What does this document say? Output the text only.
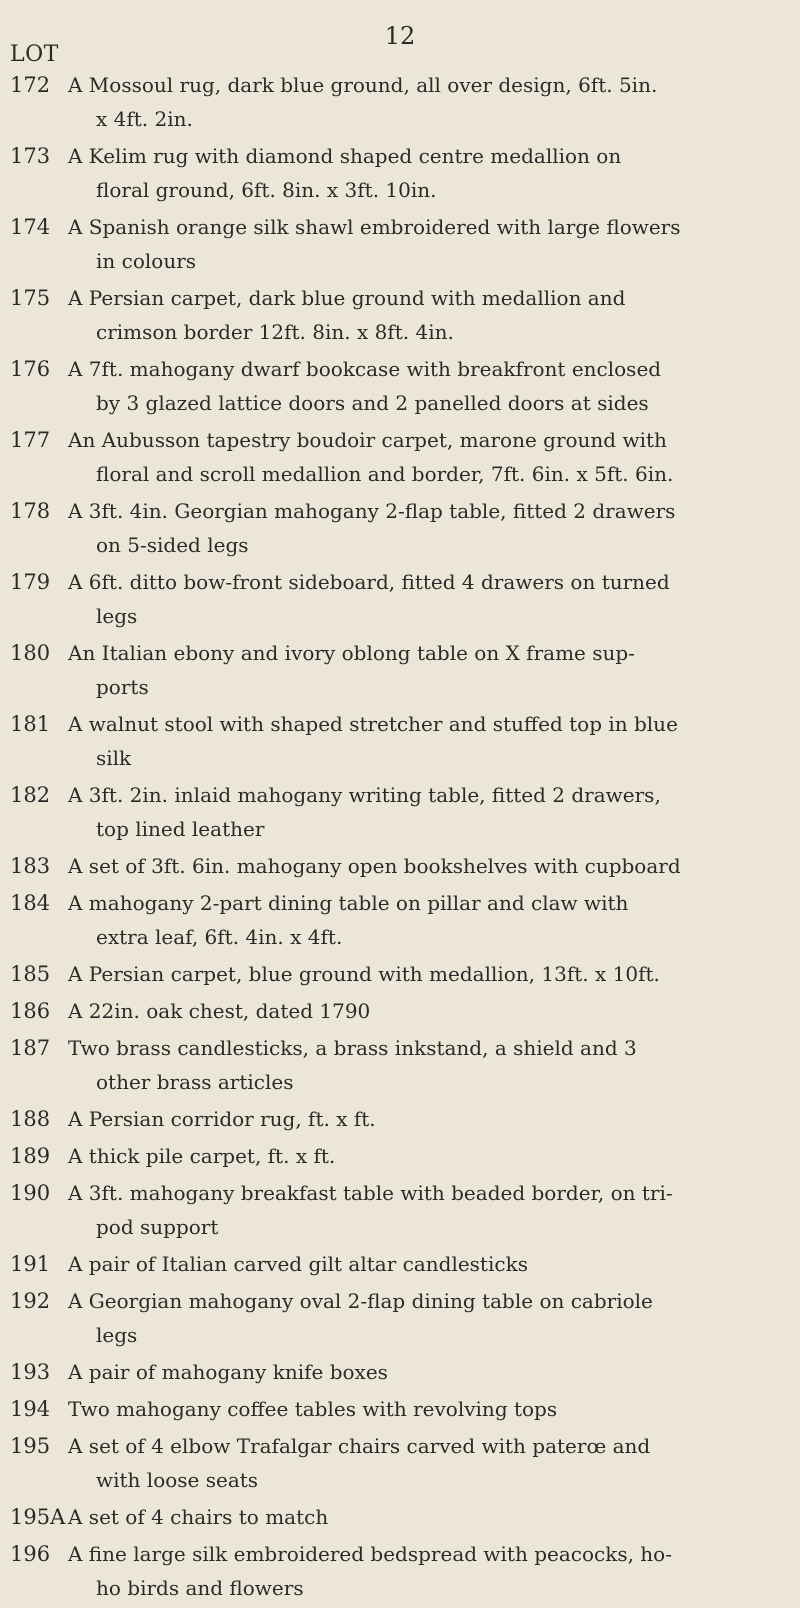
12
LOT
172 A Mossoul rug, dark blue ground, all over design, 6ft. 5in.
x 4ft. 2in.
173 A Kelim rug with diamond shaped centre medallion on
floral ground, 6ft. 8in. x 3ft. 10in.
174 A Spanish orange silk shawl embroidered with large flowers
in colours
175 A Persian carpet, dark blue ground with medallion and
crimson border 12ft. 8in. x 8ft. 4in.
176 A 7ft. mahogany dwarf bookcase with breakfront enclosed
by 3 glazed lattice doors and 2 panelled doors at sides
177 An Aubusson tapestry boudoir carpet, marone ground with
floral and scroll medallion and border, 7ft. 6in. x 5ft. 6in.
178 A 3ft. 4in. Georgian mahogany 2-flap table, fitted 2 drawers
on 5-sided legs
179 A 6ft. ditto bow-front sideboard, fitted 4 drawers on turned
legs
180 An Italian ebony and ivory oblong table on X frame sup-
ports
181 A walnut stool with shaped stretcher and stuffed top in blue
silk
182 A 3ft. 2in. inlaid mahogany writing table, fitted 2 drawers,
top lined leather
183 A set of 3ft. 6in. mahogany open bookshelves with cupboard
184 A mahogany 2-part dining table on pillar and claw with
extra leaf, 6ft. 4in. x 4ft.
185 A Persian carpet, blue ground with medallion, 13ft. x 10ft.
186 A 22in. oak chest, dated 1790
187 Two brass candlesticks, a brass inkstand, a shield and 3
other brass articles
188 A Persian corridor rug, ft. x ft.
189 A thick pile carpet, ft. x ft.
190 A 3ft. mahogany breakfast table with beaded border, on tri-
pod support
191 A pair of Italian carved gilt altar candlesticks
192 A Georgian mahogany oval 2-flap dining table on cabriole
legs
193 A pair of mahogany knife boxes
194 Two mahogany coffee tables with revolving tops
195 A set of 4 elbow Trafalgar chairs carved with paterœ and
with loose seats
195A A set of 4 chairs to match
196 A fine large silk embroidered bedspread with peacocks, ho-
ho birds and flowers
